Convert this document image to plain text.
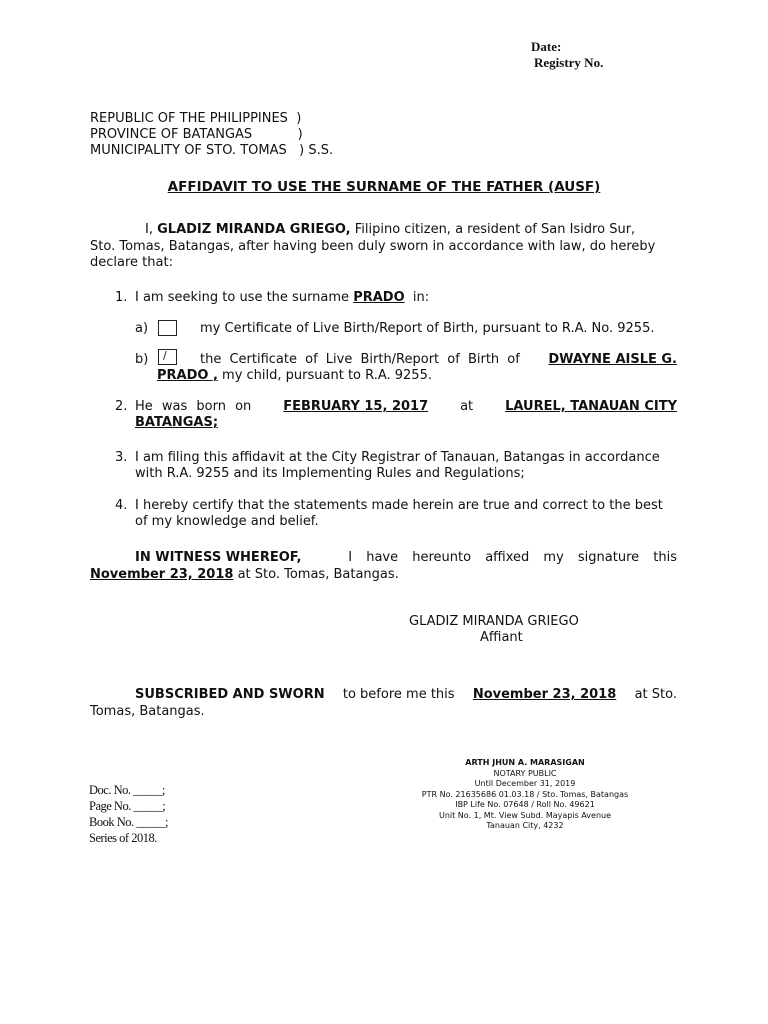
Date:
Registry No.
REPUBLIC OF THE PHILIPPINES  )
PROVINCE OF BATANGAS           )
MUNICIPALITY OF STO. TOMAS   ) S.S.
AFFIDAVIT TO USE THE SURNAME OF THE FATHER (AUSF)
I, GLADIZ MIRANDA GRIEGO, Filipino citizen, a resident of San Isidro Sur,
Sto. Tomas, Batangas, after having been duly sworn in accordance with law, do hereby
declare that:
1. I am seeking to use the surname PRADO  in:
a)	my Certificate of Live Birth/Report of Birth, pursuant to R.A. No. 9255.
b) /	the Certificate of Live Birth/Report of Birth of DWAYNE AISLE G.
PRADO , my child, pursuant to R.A. 9255.
2. He was born on FEBRUARY 15, 2017 at LAUREL, TANAUAN CITY
BATANGAS;
3. I am filing this affidavit at the City Registrar of Tanauan, Batangas in accordance
with R.A. 9255 and its Implementing Rules and Regulations;
4. I hereby certify that the statements made herein are true and correct to the best
of my knowledge and belief.
IN WITNESS WHEREOF,	I have hereunto affixed my signature this
November 23, 2018 at Sto. Tomas, Batangas.
GLADIZ MIRANDA GRIEGO
Affiant
SUBSCRIBED AND SWORN to before me this November 23, 2018 at Sto.
Tomas, Batangas.
ARTH JHUN A. MARASIGAN
NOTARY PUBLIC
Until December 31, 2019
PTR No. 21635686 01.03.18 / Sto. Tomas, Batangas
IBP Life No. 07648 / Roll No. 49621
Unit No. 1, Mt. View Subd. Mayapis Avenue
Tanauan City, 4232
Doc. No. _____;
Page No. _____;
Book No. _____;
Series of 2018.
